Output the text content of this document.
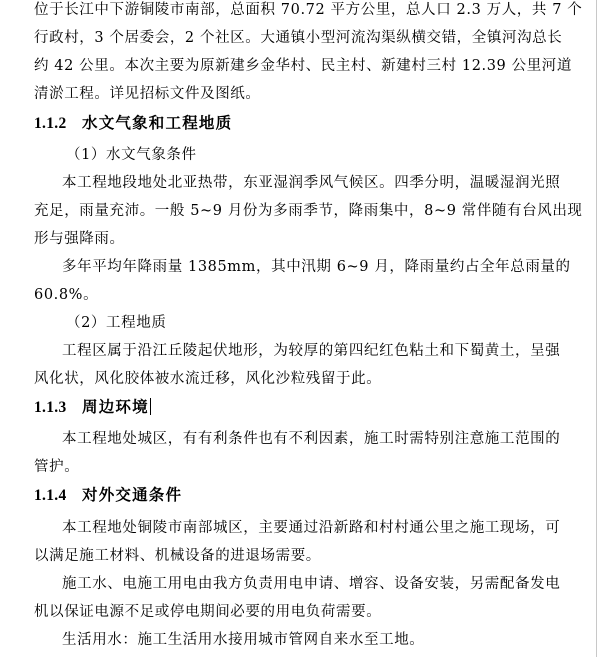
位于长江中下游铜陵市南部，总面积 70.72 平方公里，总人口 2.3 万人，共 7 个
行政村，3 个居委会，2 个社区。大通镇小型河流沟渠纵横交错，全镇河沟总长
约 42 公里。本次主要为原新建乡金华村、民主村、新建村三村 12.39 公里河道
清淤工程。详见招标文件及图纸。
1.1.2 水文气象和工程地质
（1）水文气象条件
本工程地段地处北亚热带，东亚湿润季风气候区。四季分明，温暖湿润光照
充足，雨量充沛。一般 5~9 月份为多雨季节，降雨集中，8~9 常伴随有台风出现
形与强降雨。
多年平均年降雨量 1385mm，其中汛期 6~9 月，降雨量约占全年总雨量的
60.8%。
（2）工程地质
工程区属于沿江丘陵起伏地形，为较厚的第四纪红色粘土和下蜀黄土，呈强
风化状，风化胶体被水流迁移，风化沙粒残留于此。
1.1.3 周边环境
本工程地处城区，有有利条件也有不利因素，施工时需特别注意施工范围的
管护。
1.1.4 对外交通条件
本工程地处铜陵市南部城区，主要通过沿新路和村村通公里之施工现场，可
以满足施工材料、机械设备的进退场需要。
施工水、电施工用电由我方负责用电申请、增容、设备安装，另需配备发电
机以保证电源不足或停电期间必要的用电负荷需要。
生活用水：施工生活用水接用城市管网自来水至工地。
